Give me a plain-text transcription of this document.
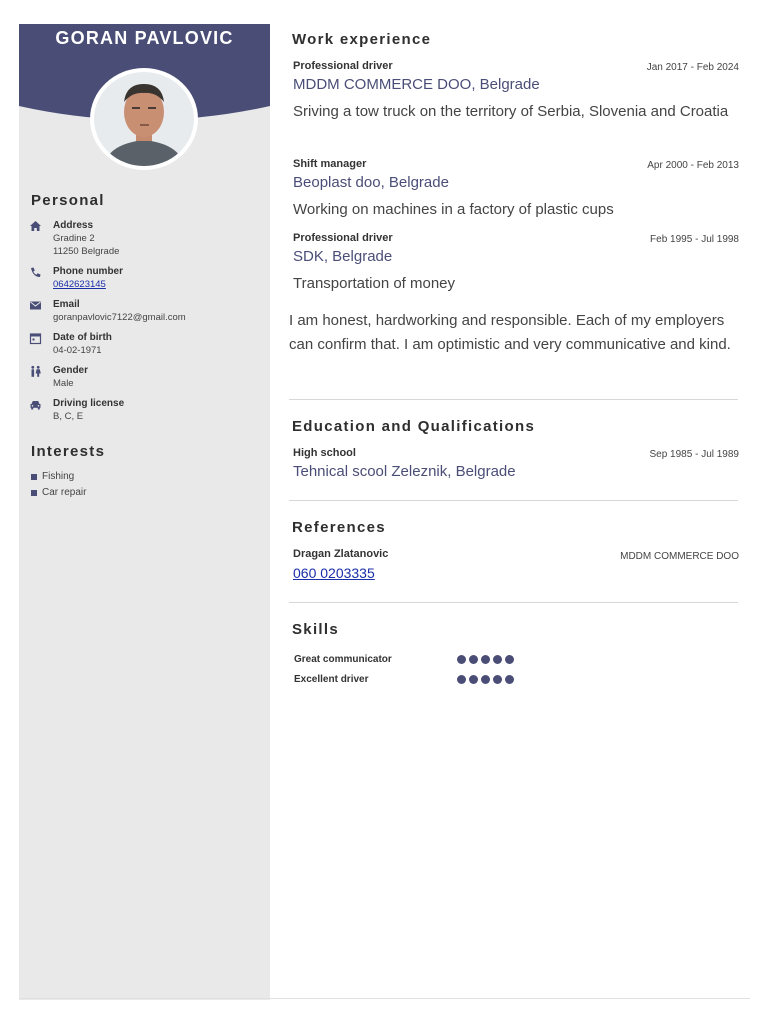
GORAN PAVLOVIC
Personal
Address
Gradine 2
11250 Belgrade
Phone number
0642623145
Email
goranpavlovic7122@gmail.com
Date of birth
04-02-1971
Gender
Male
Driving license
B, C, E
Interests
Fishing
Car repair
Work experience
Professional driver	Jan 2017 - Feb 2024
MDDM COMMERCE DOO, Belgrade
Sriving a tow truck on the territory of Serbia, Slovenia and Croatia
Shift manager	Apr 2000 - Feb 2013
Beoplast doo, Belgrade
Working on machines in a factory of plastic cups
Professional driver	Feb 1995 - Jul 1998
SDK, Belgrade
Transportation of money
I am honest, hardworking and responsible. Each of my employers can confirm that. I am optimistic and very communicative and kind.
Education and Qualifications
High school	Sep 1985 - Jul 1989
Tehnical scool Zeleznik, Belgrade
References
Dragan Zlatanovic	MDDM COMMERCE DOO
060 0203335
Skills
Great communicator
Excellent driver
